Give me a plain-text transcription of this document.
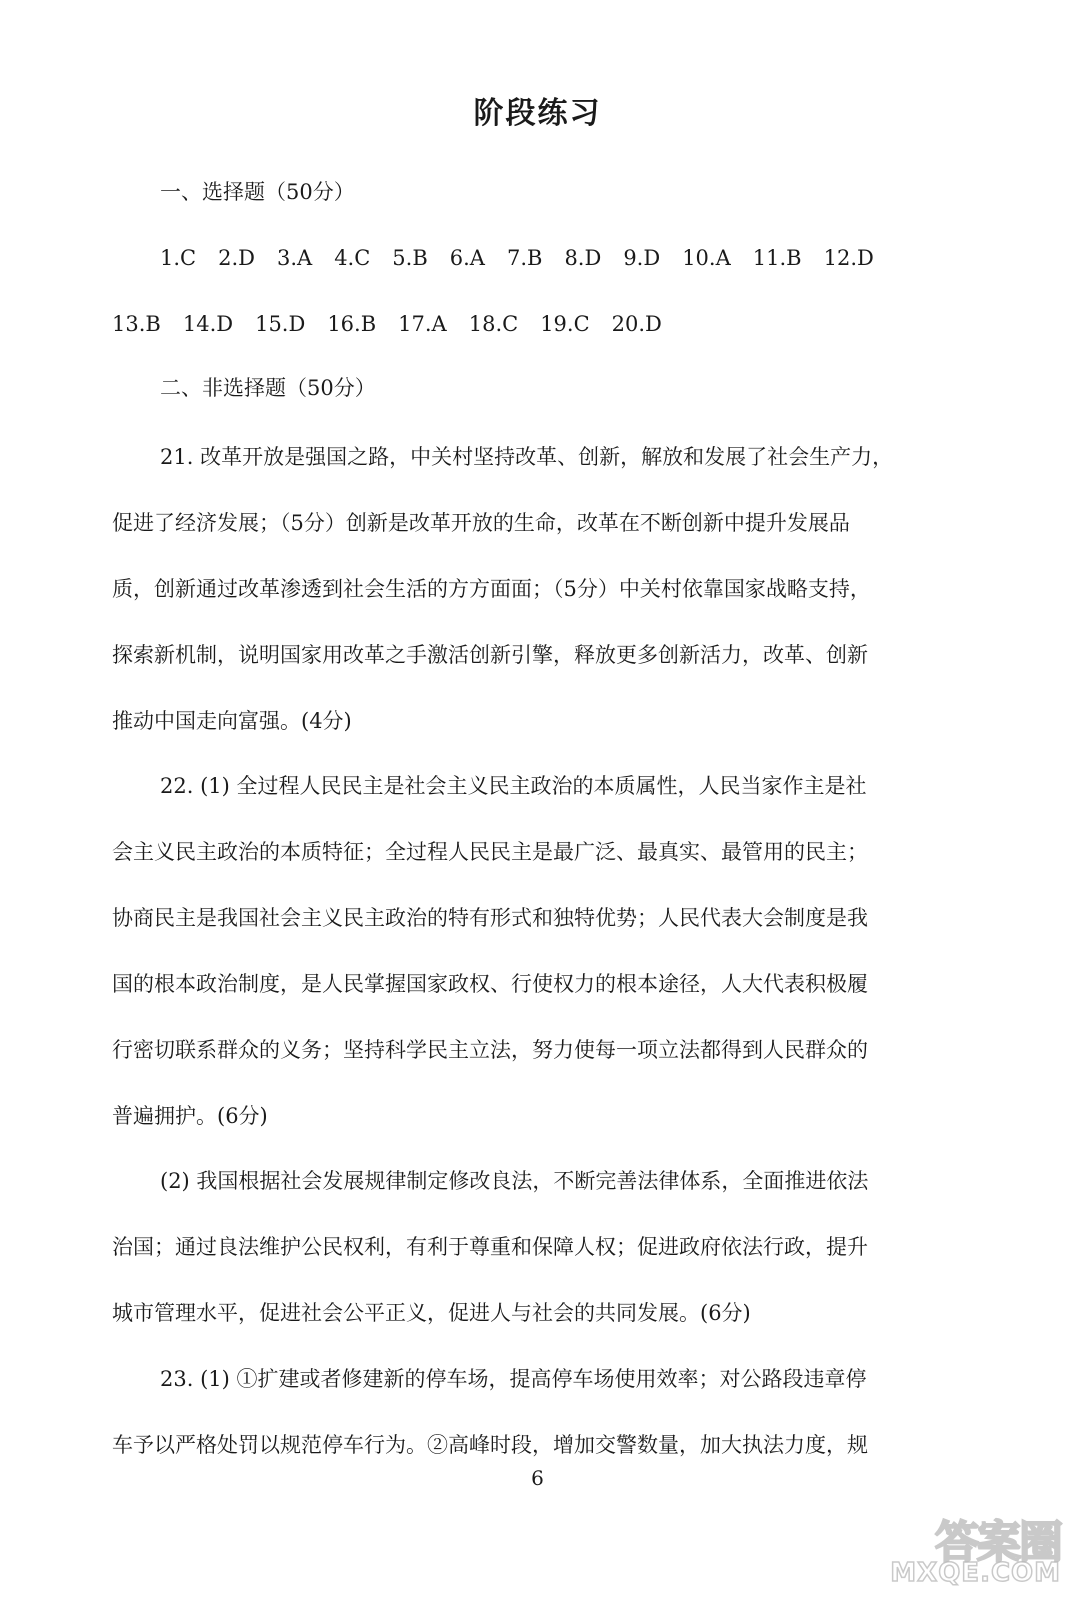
阶段练习

一、选择题（50分）

1.C 2.D 3.A 4.C 5.B 6.A 7.B 8.D 9.D 10.A 11.B 12.D
13.B 14.D 15.D 16.B 17.A 18.C 19.C 20.D

二、非选择题（50分）

21. 改革开放是强国之路，中关村坚持改革、创新，解放和发展了社会生产力，

促进了经济发展；（5分）创新是改革开放的生命，改革在不断创新中提升发展品

质，创新通过改革渗透到社会生活的方方面面；（5分）中关村依靠国家战略支持，

探索新机制，说明国家用改革之手激活创新引擎，释放更多创新活力，改革、创新

推动中国走向富强。(4分)

22. (1) 全过程人民民主是社会主义民主政治的本质属性，人民当家作主是社

会主义民主政治的本质特征；全过程人民民主是最广泛、最真实、最管用的民主；

协商民主是我国社会主义民主政治的特有形式和独特优势；人民代表大会制度是我

国的根本政治制度，是人民掌握国家政权、行使权力的根本途径，人大代表积极履

行密切联系群众的义务；坚持科学民主立法，努力使每一项立法都得到人民群众的

普遍拥护。(6分)

(2) 我国根据社会发展规律制定修改良法，不断完善法律体系，全面推进依法

治国；通过良法维护公民权利，有利于尊重和保障人权；促进政府依法行政，提升

城市管理水平，促进社会公平正义，促进人与社会的共同发展。(6分)

23. (1) ①扩建或者修建新的停车场，提高停车场使用效率；对公路段违章停

车予以严格处罚以规范停车行为。②高峰时段，增加交警数量，加大执法力度，规

6

答案圈
MXQE.COM
